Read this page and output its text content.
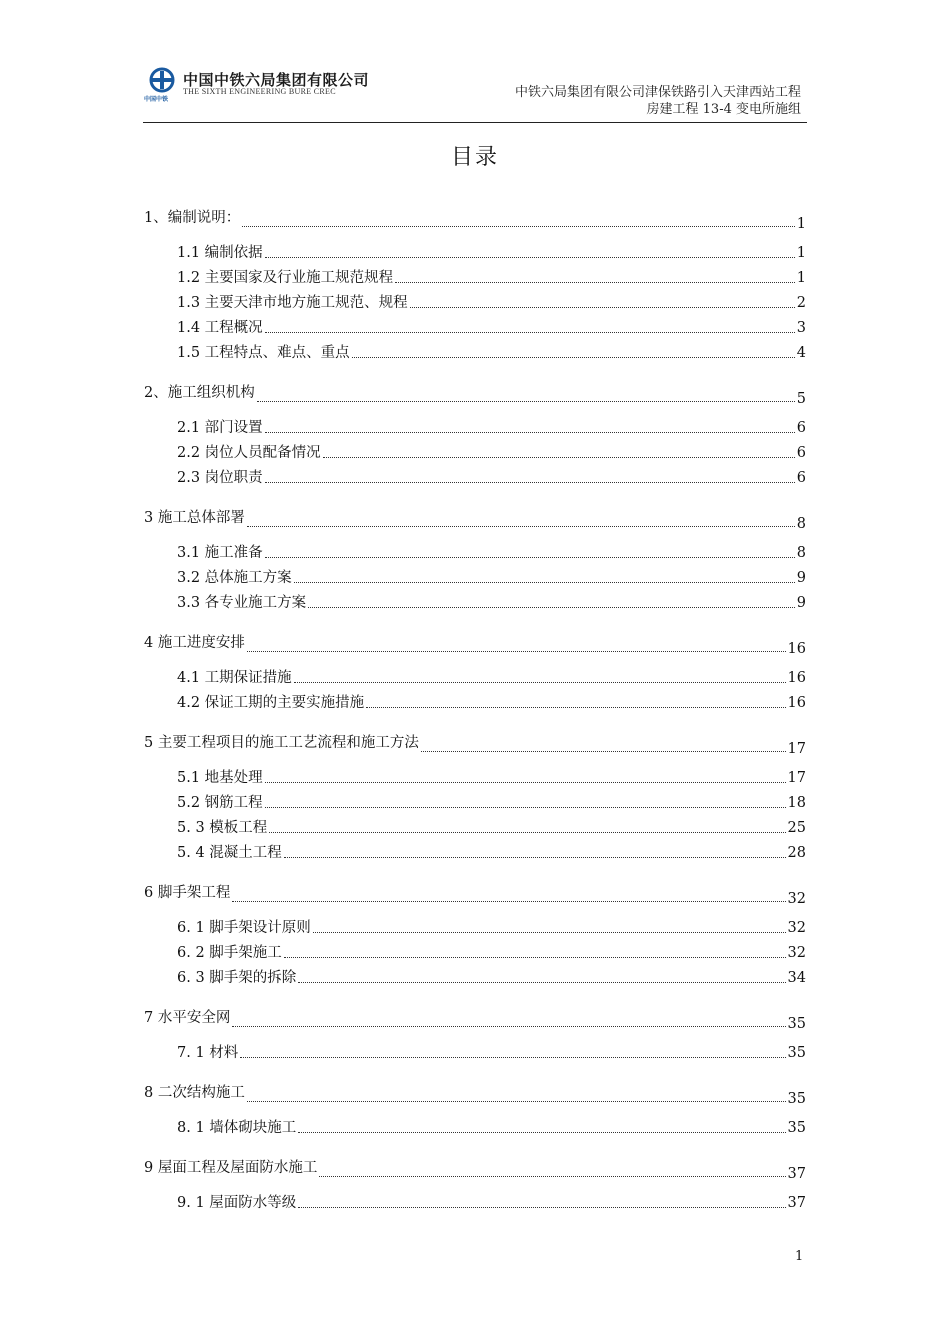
中国中铁六局集团有限公司
THE SIXTH ENGINEERING BURE CREC
中国中铁	中铁六局集团有限公司津保铁路引入天津西站工程
房建工程 13-4 变电所施组
目录
1、编制说明：	1
1.1 编制依据	1
1.2 主要国家及行业施工规范规程	1
1.3 主要天津市地方施工规范、规程	2
1.4 工程概况	3
1.5 工程特点、难点、重点	4
2、施工组织机构	5
2.1 部门设置	6
2.2 岗位人员配备情况	6
2.3 岗位职责	6
3 施工总体部署	8
3.1 施工准备	8
3.2 总体施工方案	9
3.3 各专业施工方案	9
4 施工进度安排	16
4.1 工期保证措施	16
4.2 保证工期的主要实施措施	16
5 主要工程项目的施工工艺流程和施工方法	17
5.1 地基处理	17
5.2 钢筋工程	18
5. 3 模板工程	25
5. 4 混凝土工程	28
6 脚手架工程	32
6. 1 脚手架设计原则	32
6. 2 脚手架施工	32
6. 3 脚手架的拆除	34
7 水平安全网	35
7. 1 材料	35
8 二次结构施工	35
8. 1 墙体砌块施工	35
9 屋面工程及屋面防水施工	37
9. 1 屋面防水等级	37
1
